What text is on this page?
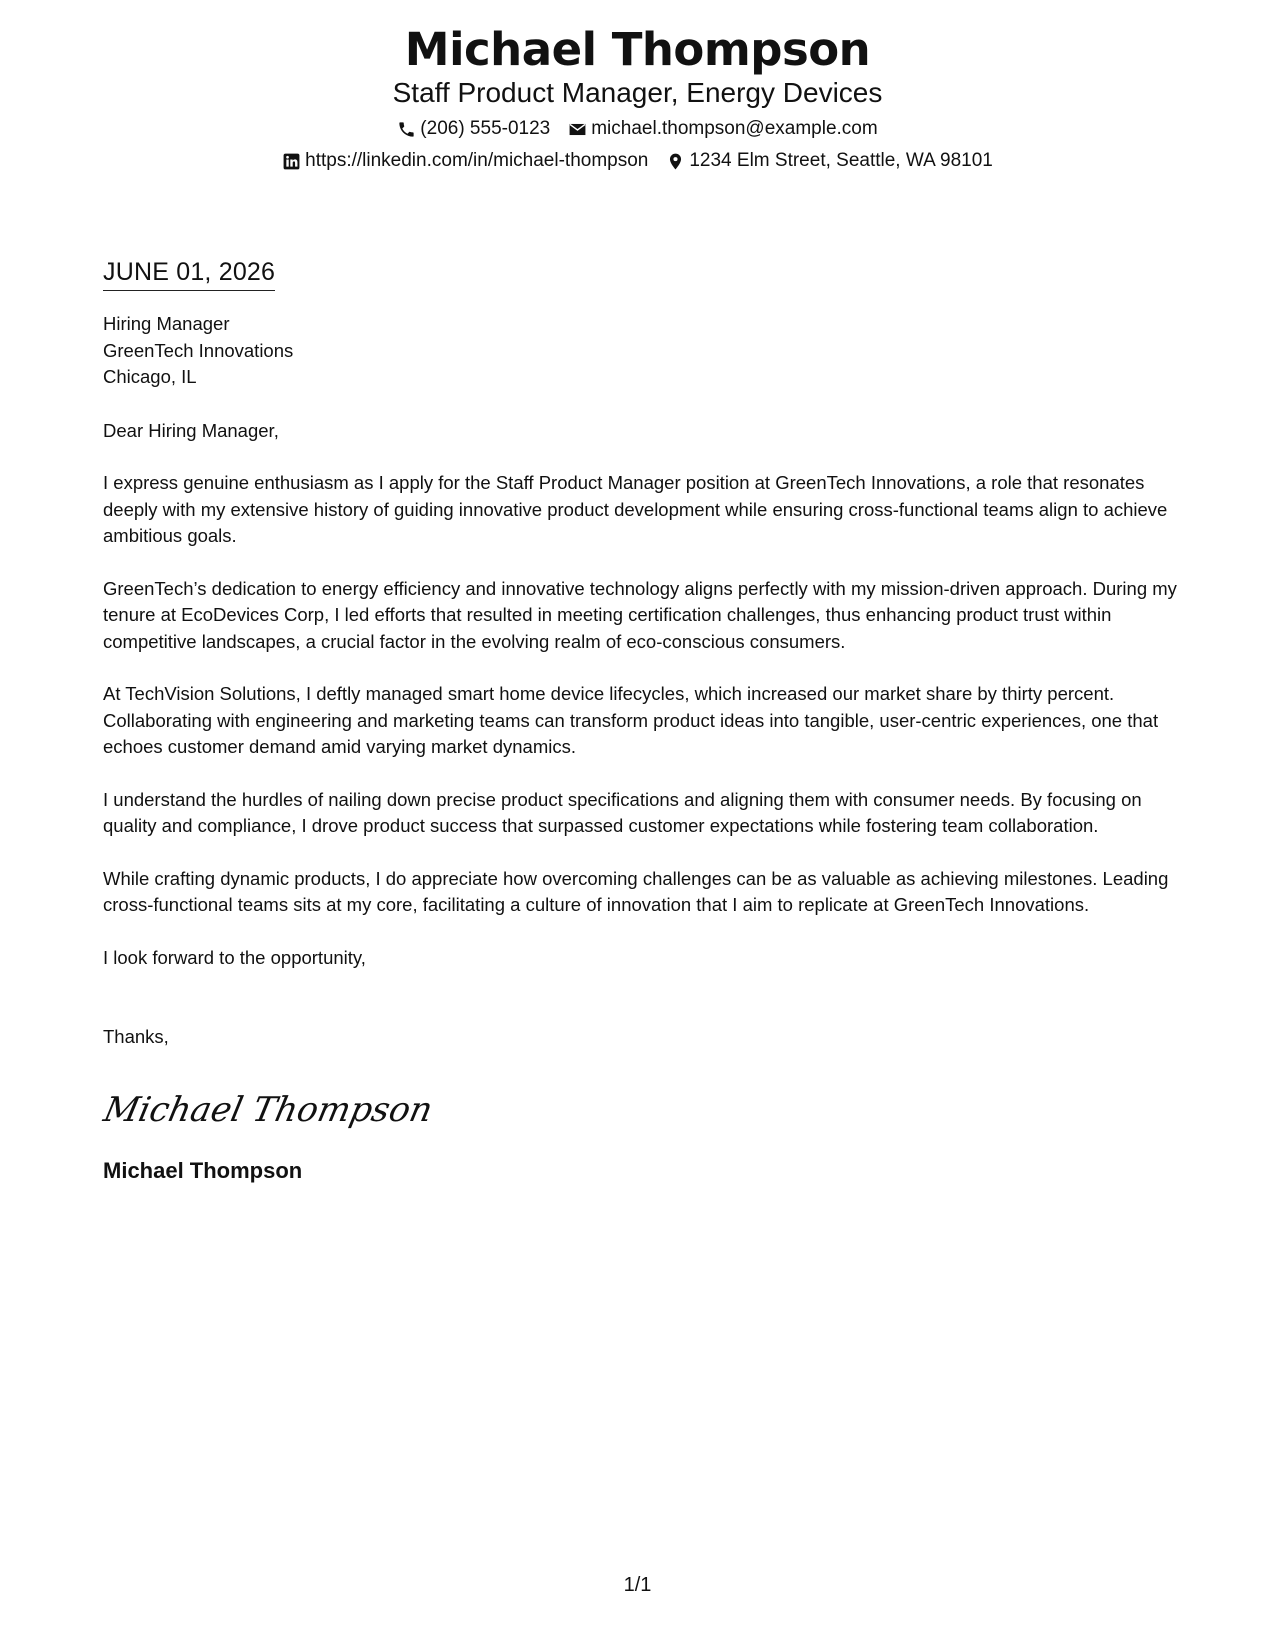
Michael Thompson
Staff Product Manager, Energy Devices
(206) 555-0123 michael.thompson@example.com
https://linkedin.com/in/michael-thompson 1234 Elm Street, Seattle, WA 98101
JUNE 01, 2026
Hiring Manager
GreenTech Innovations
Chicago, IL

Dear Hiring Manager,

I express genuine enthusiasm as I apply for the Staff Product Manager position at GreenTech Innovations, a role that resonates deeply with my extensive history of guiding innovative product development while ensuring cross-functional teams align to achieve ambitious goals.

GreenTech’s dedication to energy efficiency and innovative technology aligns perfectly with my mission-driven approach. During my tenure at EcoDevices Corp, I led efforts that resulted in meeting certification challenges, thus enhancing product trust within competitive landscapes, a crucial factor in the evolving realm of eco-conscious consumers.

At TechVision Solutions, I deftly managed smart home device lifecycles, which increased our market share by thirty percent. Collaborating with engineering and marketing teams can transform product ideas into tangible, user-centric experiences, one that echoes customer demand amid varying market dynamics.

I understand the hurdles of nailing down precise product specifications and aligning them with consumer needs. By focusing on quality and compliance, I drove product success that surpassed customer expectations while fostering team collaboration.

While crafting dynamic products, I do appreciate how overcoming challenges can be as valuable as achieving milestones. Leading cross-functional teams sits at my core, facilitating a culture of innovation that I aim to replicate at GreenTech Innovations.

I look forward to the opportunity,

Thanks,

Michael Thompson
Michael Thompson
1/1
